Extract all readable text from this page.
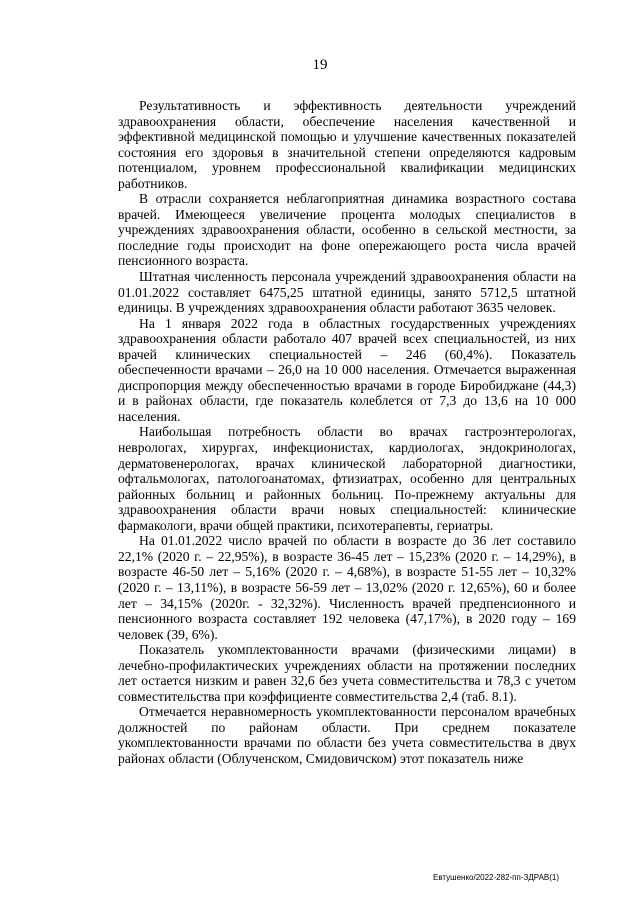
19

Результативность и эффективность деятельности учреждений здравоохранения области, обеспечение населения качественной и эффективной медицинской помощью и улучшение качественных показателей состояния его здоровья в значительной степени определяются кадровым потенциалом, уровнем профессиональной квалификации медицинских работников.

В отрасли сохраняется неблагоприятная динамика возрастного состава врачей. Имеющееся увеличение процента молодых специалистов в учреждениях здравоохранения области, особенно в сельской местности, за последние годы происходит на фоне опережающего роста числа врачей пенсионного возраста.

Штатная численность персонала учреждений здравоохранения области на 01.01.2022 составляет 6475,25 штатной единицы, занято 5712,5 штатной единицы. В учреждениях здравоохранения области работают 3635 человек.

На 1 января 2022 года в областных государственных учреждениях здравоохранения области работало 407 врачей всех специальностей, из них врачей клинических специальностей – 246 (60,4%). Показатель обеспеченности врачами – 26,0 на 10 000 населения. Отмечается выраженная диспропорция между обеспеченностью врачами в городе Биробиджане (44,3) и в районах области, где показатель колеблется от 7,3 до 13,6 на 10 000 населения.

Наибольшая потребность области во врачах гастроэнтерологах, неврологах, хирургах, инфекционистах, кардиологах, эндокринологах, дерматовенерологах, врачах клинической лабораторной диагностики, офтальмологах, патологоанатомах, фтизиатрах, особенно для центральных районных больниц и районных больниц. По-прежнему актуальны для здравоохранения области врачи новых специальностей: клинические фармакологи, врачи общей практики, психотерапевты, гериатры.

На 01.01.2022 число врачей по области в возрасте до 36 лет составило 22,1% (2020 г. – 22,95%), в возрасте 36-45 лет – 15,23% (2020 г. – 14,29%), в возрасте 46-50 лет – 5,16% (2020 г. – 4,68%), в возрасте 51-55 лет – 10,32% (2020 г. – 13,11%), в возрасте 56-59 лет – 13,02% (2020 г. 12,65%), 60 и более лет – 34,15% (2020г. - 32,32%). Численность врачей предпенсионного и пенсионного возраста составляет 192 человека (47,17%), в 2020 году – 169 человек (39, 6%).

Показатель укомплектованности врачами (физическими лицами) в лечебно-профилактических учреждениях области на протяжении последних лет остается низким и равен 32,6 без учета совместительства и 78,3 с учетом совместительства при коэффициенте совместительства 2,4 (таб. 8.1).

Отмечается неравномерность укомплектованности персоналом врачебных должностей по районам области. При среднем показателе укомплектованности врачами по области без учета совместительства в двух районах области (Облученском, Смидовичском) этот показатель ниже

Евтушенко/2022-282-пп-ЗДРАВ(1)
